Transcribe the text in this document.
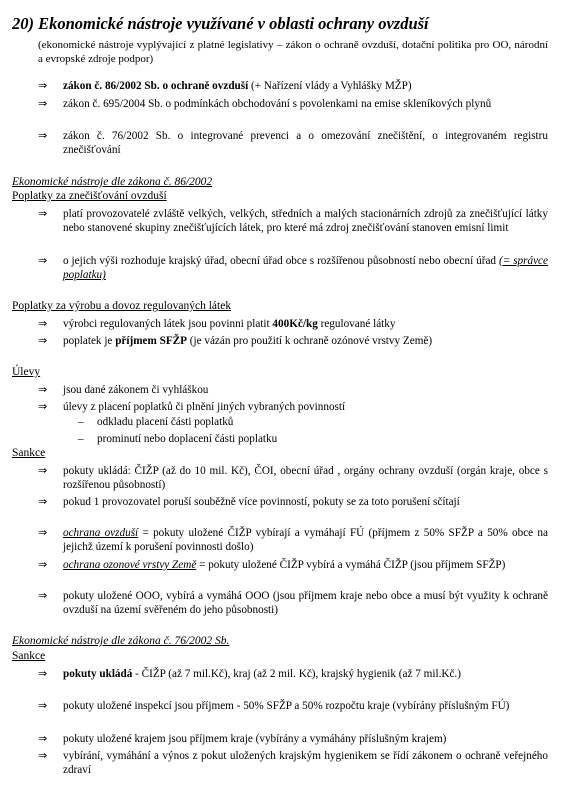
20) Ekonomické nástroje využívané v oblasti ochrany ovzduší
(ekonomické nástroje vyplývající z platné legislativy – zákon o ochraně ovzduší, dotační politika pro OO, národní a evropské zdroje podpor)
⇒ zákon č. 86/2002 Sb. o ochraně ovzduší (+ Nařízení vlády a Vyhlášky MŽP)
⇒ zákon č. 695/2004 Sb. o podmínkách obchodování s povolenkami na emise skleníkových plynů
⇒ zákon č. 76/2002 Sb. o integrované prevenci a o omezování znečištění, o integrovaném registru znečišťování
Ekonomické nástroje dle zákona č. 86/2002
Poplatky za znečišťování ovzduší
⇒ platí provozovatelé zvláště velkých, velkých, středních a malých stacionárních zdrojů za znečišťující látky nebo stanovené skupiny znečišťujících látek, pro které má zdroj znečišťování stanoven emisní limit
⇒ o jejich výši rozhoduje krajský úřad, obecní úřad obce s rozšířenou působností nebo obecní úřad (= správce poplatku)
Poplatky za výrobu a dovoz regulovaných látek
⇒ výrobci regulovaných látek jsou povinni platit 400Kč/kg regulované látky
⇒ poplatek je příjmem SFŽP (je vázán pro použití k ochraně ozónové vrstvy Země)
Úlevy
⇒ jsou dané zákonem či vyhláškou
⇒ úlevy z placení poplatků či plnění jiných vybraných povinností
– odkladu placení části poplatků
– prominutí nebo doplacení části poplatku
Sankce
⇒ pokuty ukládá: ČIŽP (až do 10 mil. Kč), ČOI, obecní úřad , orgány ochrany ovzduší (orgán kraje, obce s rozšířenou působností)
⇒ pokud 1 provozovatel poruší souběžně více povinností, pokuty se za toto porušení sčítají
⇒ ochrana ovzduší = pokuty uložené ČIŽP vybírají a vymáhají FÚ (příjmem z 50% SFŽP a 50% obce na jejichž území k porušení povinnosti došlo)
⇒ ochrana ozonové vrstvy Země = pokuty uložené ČIŽP vybírá a vymáhá ČIŽP (jsou příjmem SFŽP)
⇒ pokuty uložené OOO, vybírá a vymáhá OOO (jsou příjmem kraje nebo obce a musí být využity k ochraně ovzduší na území svěřeném do jeho působnosti)
Ekonomické nástroje dle zákona č. 76/2002 Sb.
Sankce
⇒ pokuty ukládá - ČIŽP (až 7 mil.Kč), kraj (až 2 mil. Kč), krajský hygienik (až 7 mil.Kč.)
⇒ pokuty uložené inspekcí jsou příjmem - 50% SFŽP a 50% rozpočtu kraje (vybírány příslušným FÚ)
⇒ pokuty uložené krajem jsou příjmem kraje (vybírány a vymáhány příslušným krajem)
⇒ vybírání, vymáhání a výnos z pokut uložených krajským hygienikem se řídí zákonem o ochraně veřejného zdraví
